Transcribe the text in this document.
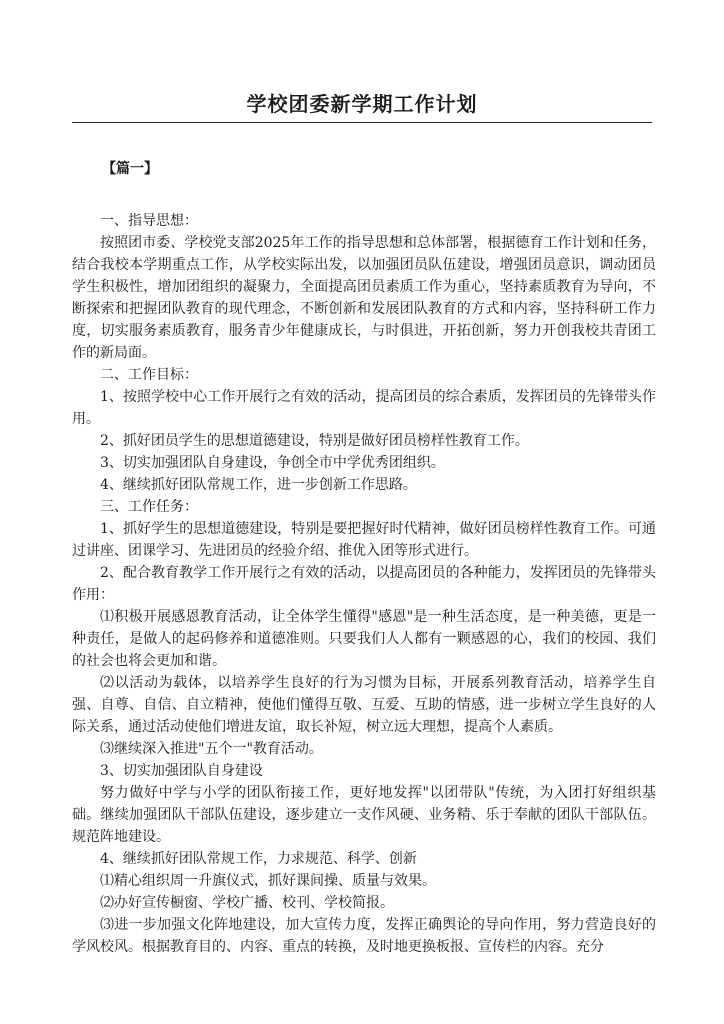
学校团委新学期工作计划

【篇一】

一、指导思想：

按照团市委、学校党支部2025年工作的指导思想和总体部署，根据德育工作计划和任务，结合我校本学期重点工作，从学校实际出发，以加强团员队伍建设，增强团员意识，调动团员学生积极性，增加团组织的凝聚力，全面提高团员素质工作为重心，坚持素质教育为导向，不断探索和把握团队教育的现代理念，不断创新和发展团队教育的方式和内容，坚持科研工作力度，切实服务素质教育，服务青少年健康成长，与时俱进，开拓创新，努力开创我校共青团工作的新局面。

二、工作目标：

1、按照学校中心工作开展行之有效的活动，提高团员的综合素质，发挥团员的先锋带头作用。

2、抓好团员学生的思想道德建设，特别是做好团员榜样性教育工作。

3、切实加强团队自身建设，争创全市中学优秀团组织。

4、继续抓好团队常规工作，进一步创新工作思路。

三、工作任务：

1、抓好学生的思想道德建设，特别是要把握好时代精神，做好团员榜样性教育工作。可通过讲座、团课学习、先进团员的经验介绍、推优入团等形式进行。

2、配合教育教学工作开展行之有效的活动，以提高团员的各种能力，发挥团员的先锋带头作用：

⑴积极开展感恩教育活动，让全体学生懂得"感恩"是一种生活态度，是一种美德，更是一种责任，是做人的起码修养和道德准则。只要我们人人都有一颗感恩的心，我们的校园、我们的社会也将会更加和谐。

⑵以活动为载体，以培养学生良好的行为习惯为目标，开展系列教育活动，培养学生自强、自尊、自信、自立精神，使他们懂得互敬、互爱、互助的情感，进一步树立学生良好的人际关系，通过活动使他们增进友谊，取长补短，树立远大理想，提高个人素质。

⑶继续深入推进"五个一"教育活动。

3、切实加强团队自身建设

努力做好中学与小学的团队衔接工作，更好地发挥"以团带队"传统，为入团打好组织基础。继续加强团队干部队伍建设，逐步建立一支作风硬、业务精、乐于奉献的团队干部队伍。规范阵地建设。

4、继续抓好团队常规工作，力求规范、科学、创新

⑴精心组织周一升旗仪式，抓好课间操、质量与效果。

⑵办好宣传橱窗、学校广播、校刊、学校简报。

⑶进一步加强文化阵地建设，加大宣传力度，发挥正确舆论的导向作用，努力营造良好的学风校风。根据教育目的、内容、重点的转换，及时地更换板报、宣传栏的内容。充分
